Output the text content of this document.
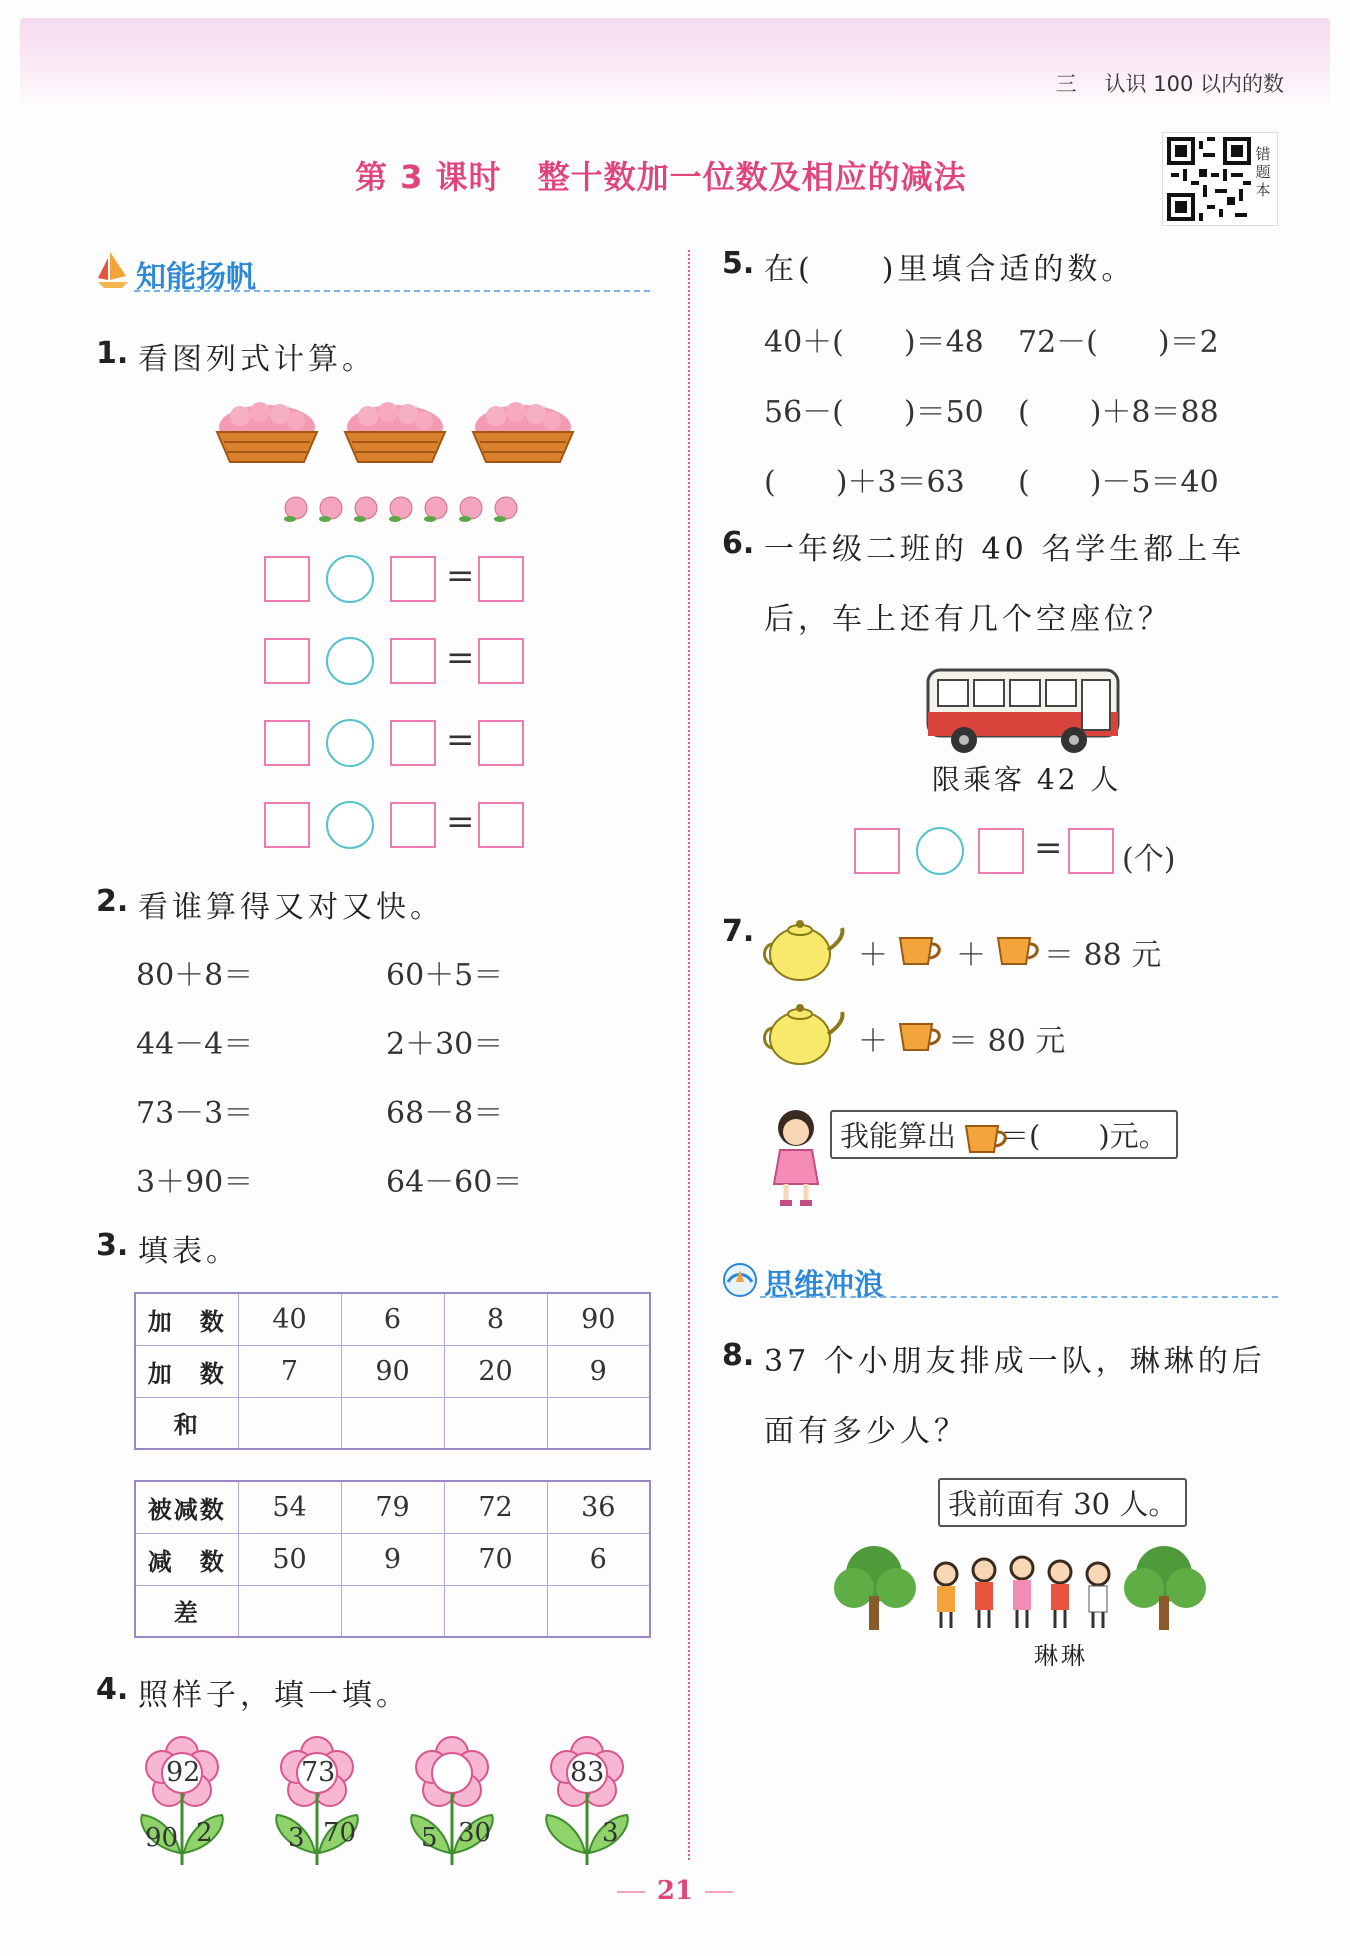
三 认识 100 以内的数
第 3 课时 整十数加一位数及相应的减法
错题本
知能扬帆
1. 看图列式计算。
=
=
=
=
2. 看谁算得又对又快。
80＋8＝	60＋5＝
44－4＝	2＋30＝
73－3＝	68－8＝
3＋90＝	64－60＝
3. 填表。
加　数	40	6	8	90
加　数	7	90	20	9
和				
被减数	54	79	72	36
减　数	50	9	70	6
差				
4. 照样子，填一填。
92
90 2
73
3 70 5 30
83
3
5. 在(　　)里填合适的数。
40＋(　　)＝48 72－(　　)＝2
56－(　　)＝50 (　　)＋8＝88
(　　)＋3＝63 (　　)－5＝40
6. 一年级二班的 40 名学生都上车
后，车上还有几个空座位？
限乘客 42 人
= (个)
7.
＋ ＋ ＝ 88 元
＋ ＝ 80 元
我能算出 ＝(　　)元。
思维冲浪
8. 37 个小朋友排成一队，琳琳的后
面有多少人？
我前面有 30 人。
琳琳
21
